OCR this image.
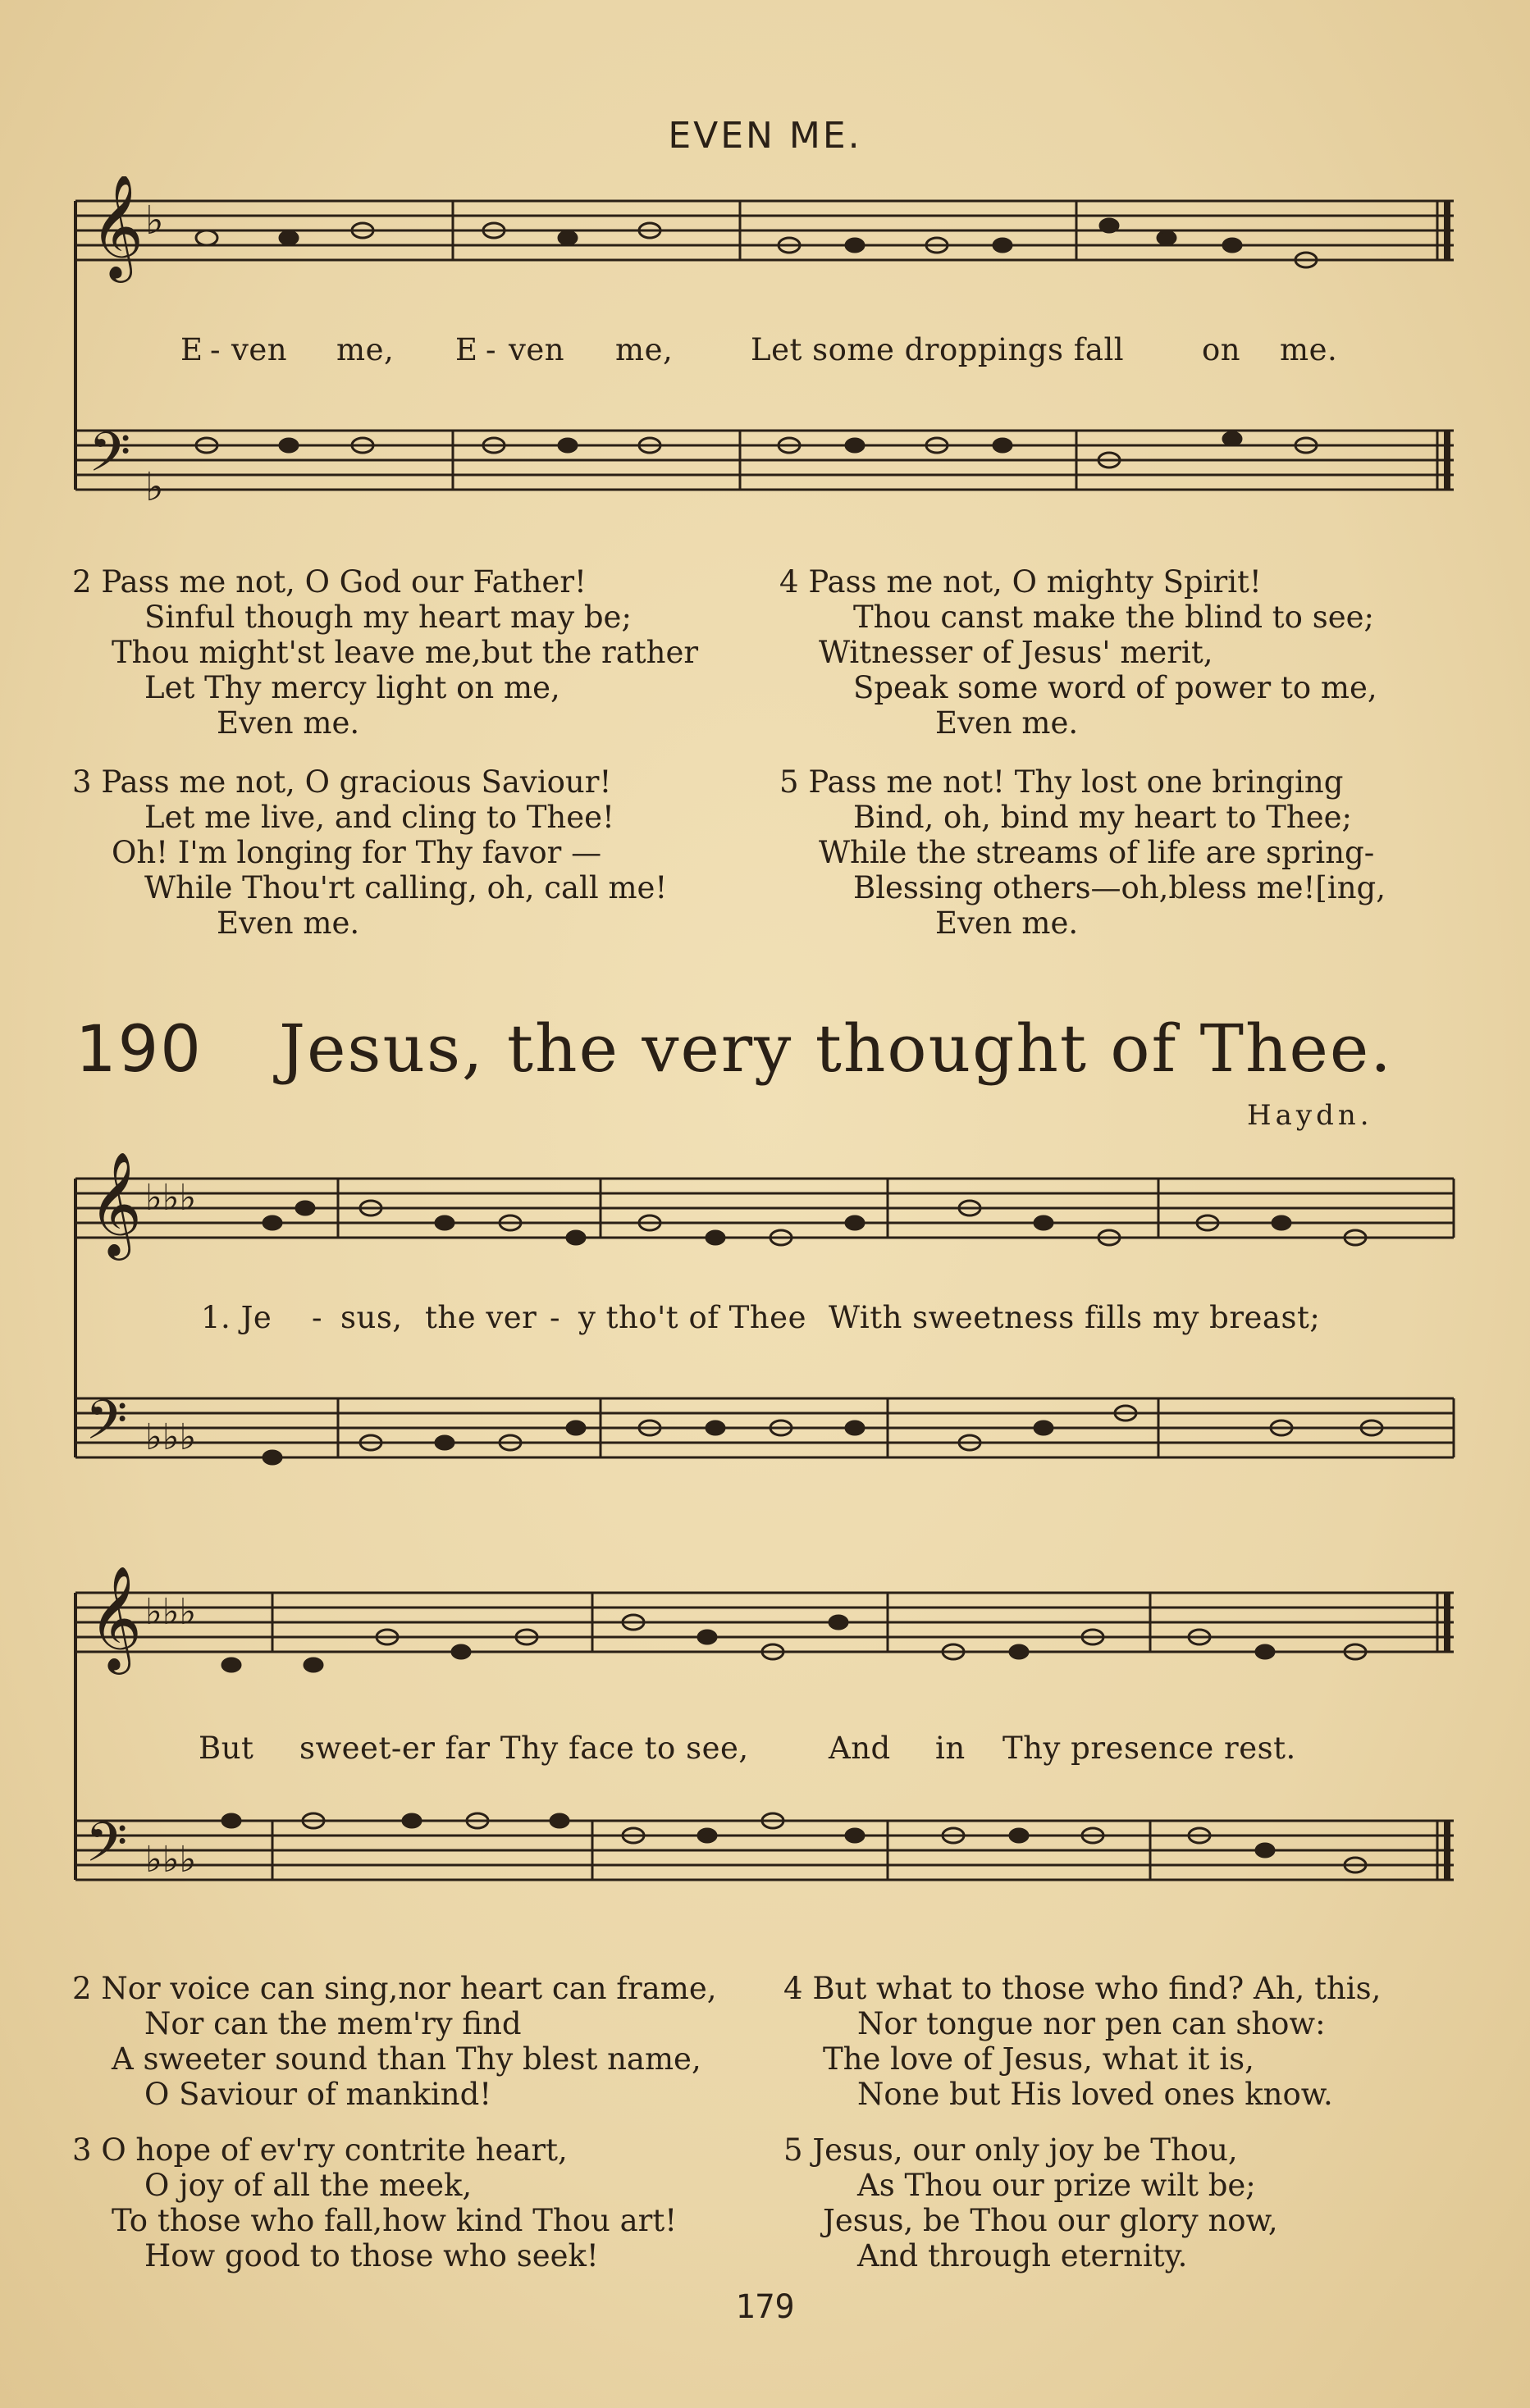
EVEN ME.
𝄞
𝄢
♭
♭
E - ven me, E - ven me,	Let some droppings fall	on me.
2 Pass me not, O God our Father!
Sinful though my heart may be;
Thou might'st leave me,but the rather
Let Thy mercy light on me,
Even me.
3 Pass me not, O gracious Saviour!
Let me live, and cling to Thee!
Oh! I'm longing for Thy favor —
While Thou'rt calling, oh, call me!
Even me.
4 Pass me not, O mighty Spirit!
Thou canst make the blind to see;
Witnesser of Jesus' merit,
Speak some word of power to me,
Even me.
5 Pass me not! Thy lost one bringing
Bind, oh, bind my heart to Thee;
While the streams of life are spring-
Blessing others—oh,bless me![ing,
Even me.
190 Jesus, the very thought of Thee.
Haydn.
𝄞
𝄢
♭♭♭
♭♭♭
1. Je - sus, the ver - y tho't of Thee With sweetness fills my breast;
𝄞
𝄢
♭♭♭
♭♭♭
But sweet-er far Thy face to see,	And in Thy presence rest.
2 Nor voice can sing,nor heart can frame,
Nor can the mem'ry find
A sweeter sound than Thy blest name,
O Saviour of mankind!
3 O hope of ev'ry contrite heart,
O joy of all the meek,
To those who fall,how kind Thou art!
How good to those who seek!
4 But what to those who find? Ah, this,
Nor tongue nor pen can show:
The love of Jesus, what it is,
None but His loved ones know.
5 Jesus, our only joy be Thou,
As Thou our prize wilt be;
Jesus, be Thou our glory now,
And through eternity.
179
